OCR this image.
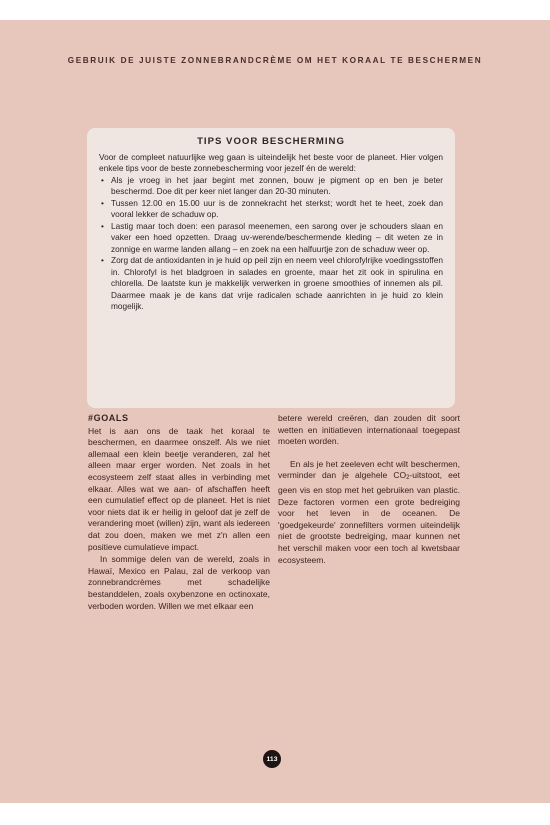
GEBRUIK DE JUISTE ZONNEBRANDCRÈME OM HET KORAAL TE BESCHERMEN
TIPS VOOR BESCHERMING

Voor de compleet natuurlijke weg gaan is uiteindelijk het beste voor de planeet. Hier volgen enkele tips voor de beste zonnebescherming voor jezelf én de wereld:

• Als je vroeg in het jaar begint met zonnen, bouw je pigment op en ben je beter beschermd. Doe dit per keer niet langer dan 20-30 minuten.
• Tussen 12.00 en 15.00 uur is de zonnekracht het sterkst; wordt het te heet, zoek dan vooral lekker de schaduw op.
• Lastig maar toch doen: een parasol meenemen, een sarong over je schouders slaan en vaker een hoed opzetten. Draag uv-werende/beschermende kleding – dit weten ze in zonnige en warme landen allang – en zoek na een halfuurtje zon de schaduw weer op.
• Zorg dat de antioxidanten in je huid op peil zijn en neem veel chlorofylrijke voedingsstoffen in. Chlorofyl is het bladgroen in salades en groente, maar het zit ook in spirulina en chlorella. De laatste kun je makkelijk verwerken in groene smoothies of innemen als pil. Daarmee maak je de kans dat vrije radicalen schade aanrichten in je huid zo klein mogelijk.
#GOALS

Het is aan ons de taak het koraal te beschermen, en daarmee onszelf. Als we niet allemaal een klein beetje veranderen, zal het alleen maar erger worden. Net zoals in het ecosysteem zelf staat alles in verbinding met elkaar. Alles wat we aan- of afschaffen heeft een cumulatief effect op de planeet. Het is niet voor niets dat ik er heilig in geloof dat je zelf de verandering moet (willen) zijn, want als iedereen dat zou doen, maken we met z'n allen een positieve cumulatieve impact.

In sommige delen van de wereld, zoals in Hawaï, Mexico en Palau, zal de verkoop van zonnebrandcrèmes met schadelijke bestanddelen, zoals oxybenzone en octinoxate, verboden worden. Willen we met elkaar een

betere wereld creëren, dan zouden dit soort wetten en initiatieven internationaal toegepast moeten worden.

En als je het zeeleven echt wilt beschermen, verminder dan je algehele $CO_2$-uitstoot, eet geen vis en stop met het gebruiken van plastic. Deze factoren vormen een grote bedreiging voor het leven in de oceanen. De 'goedgekeurde' zonnefilters vormen uiteindelijk niet de grootste bedreiging, maar kunnen net het verschil maken voor een toch al kwetsbaar ecosysteem.

113
